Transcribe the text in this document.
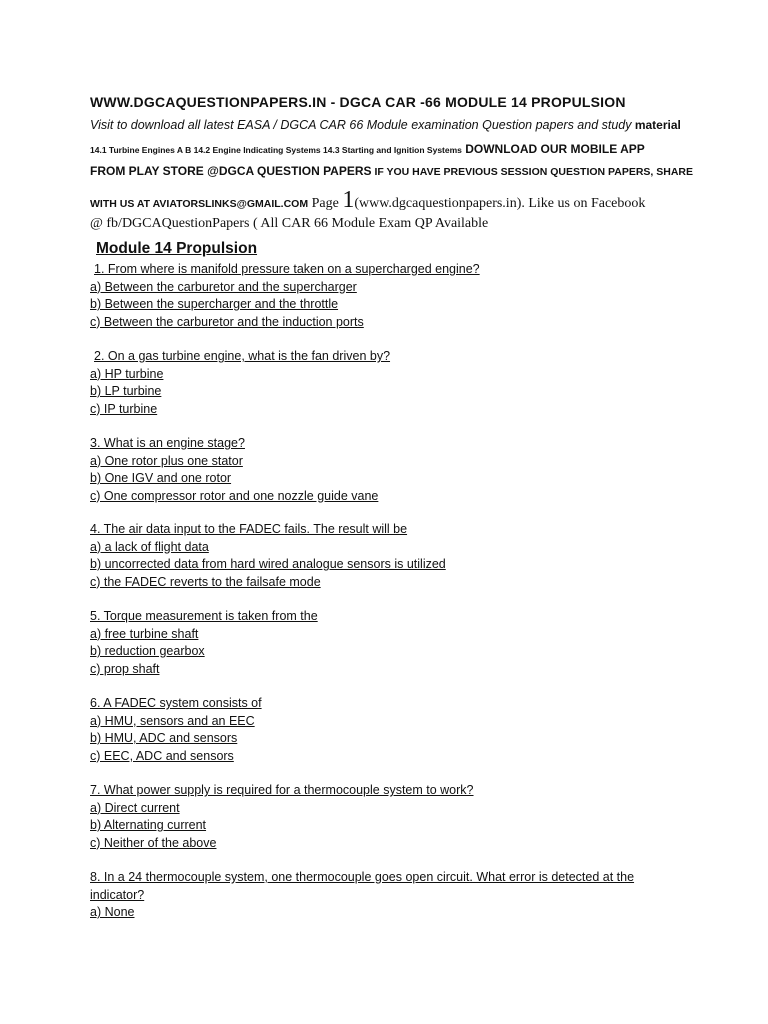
WWW.DGCAQUESTIONPAPERS.IN - DGCA CAR -66 MODULE 14 PROPULSION
Visit to download all latest EASA / DGCA CAR 66 Module examination Question papers and study material
14.1 Turbine Engines A B 14.2 Engine Indicating Systems 14.3 Starting and Ignition Systems DOWNLOAD OUR MOBILE APP
FROM PLAY STORE @DGCA QUESTION PAPERS IF YOU HAVE PREVIOUS SESSION QUESTION PAPERS, SHARE
WITH US AT AVIATORSLINKS@GMAIL.COM Page 1(www.dgcaquestionpapers.in). Like us on Facebook
@ fb/DGCAQuestionPapers ( All CAR 66 Module Exam QP Available
Module 14 Propulsion
1. From where is manifold pressure taken on a supercharged engine?
a) Between the carburetor and the supercharger
b) Between the supercharger and the throttle
c) Between the carburetor and the induction ports
2. On a gas turbine engine, what is the fan driven by?
a) HP turbine
b) LP turbine
c) IP turbine
3. What is an engine stage?
a) One rotor plus one stator
b) One IGV and one rotor
c) One compressor rotor and one nozzle guide vane
4. The air data input to the FADEC fails. The result will be
a) a lack of flight data
b) uncorrected data from hard wired analogue sensors is utilized
c) the FADEC reverts to the failsafe mode
5. Torque measurement is taken from the
a) free turbine shaft
b) reduction gearbox
c) prop shaft
6. A FADEC system consists of
a) HMU, sensors and an EEC
b) HMU, ADC and sensors
c) EEC, ADC and sensors
7. What power supply is required for a thermocouple system to work?
a) Direct current
b) Alternating current
c) Neither of the above
8. In a 24 thermocouple system, one thermocouple goes open circuit. What error is detected at the
indicator?
a) None
